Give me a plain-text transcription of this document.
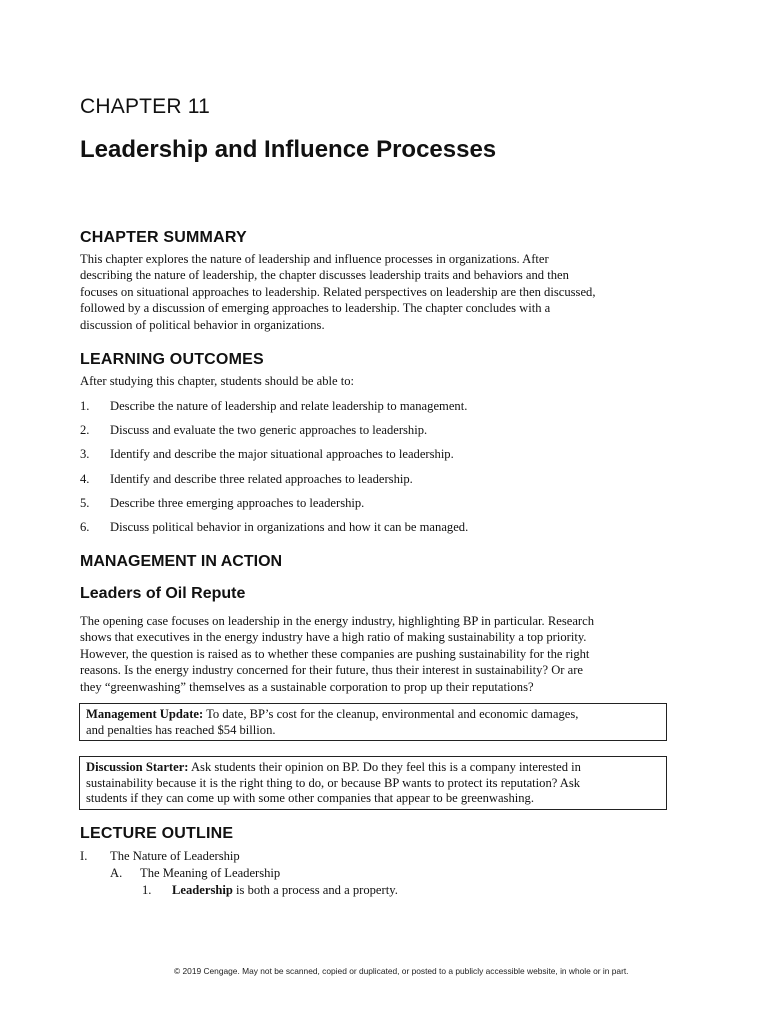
CHAPTER 11
Leadership and Influence Processes
CHAPTER SUMMARY
This chapter explores the nature of leadership and influence processes in organizations. After
describing the nature of leadership, the chapter discusses leadership traits and behaviors and then
focuses on situational approaches to leadership. Related perspectives on leadership are then discussed,
followed by a discussion of emerging approaches to leadership. The chapter concludes with a
discussion of political behavior in organizations.
LEARNING OUTCOMES
After studying this chapter, students should be able to:
1. Describe the nature of leadership and relate leadership to management.
2. Discuss and evaluate the two generic approaches to leadership.
3. Identify and describe the major situational approaches to leadership.
4. Identify and describe three related approaches to leadership.
5. Describe three emerging approaches to leadership.
6. Discuss political behavior in organizations and how it can be managed.
MANAGEMENT IN ACTION
Leaders of Oil Repute
The opening case focuses on leadership in the energy industry, highlighting BP in particular. Research
shows that executives in the energy industry have a high ratio of making sustainability a top priority.
However, the question is raised as to whether these companies are pushing sustainability for the right
reasons. Is the energy industry concerned for their future, thus their interest in sustainability? Or are
they “greenwashing” themselves as a sustainable corporation to prop up their reputations?
Management Update: To date, BP’s cost for the cleanup, environmental and economic damages,
and penalties has reached $54 billion.
Discussion Starter: Ask students their opinion on BP. Do they feel this is a company interested in
sustainability because it is the right thing to do, or because BP wants to protect its reputation? Ask
students if they can come up with some other companies that appear to be greenwashing.
LECTURE OUTLINE
I. The Nature of Leadership
A. The Meaning of Leadership
1. Leadership is both a process and a property.
© 2019 Cengage. May not be scanned, copied or duplicated, or posted to a publicly accessible website, in whole or in part.
